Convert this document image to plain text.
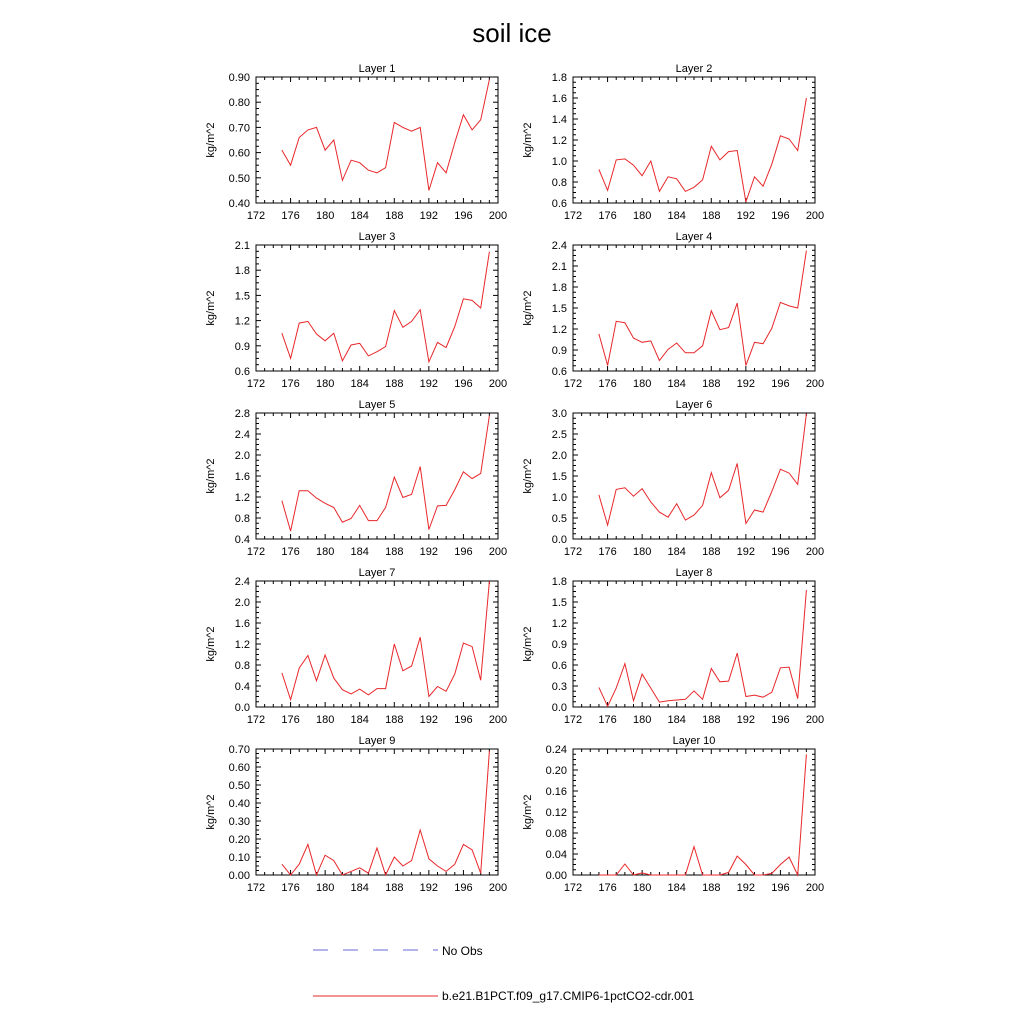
soil ice
Layer 1
kg/m^2
172 176 180 184 188 192 196 200
0.40
0.50
0.60
0.70
0.80
0.90
Layer 2
kg/m^2
172 176 180 184 188 192 196 200
0.6
0.8
1.0
1.2
1.4
1.6
1.8
Layer 3
kg/m^2
172 176 180 184 188 192 196 200
0.6
0.9
1.2
1.5
1.8
2.1
Layer 4
kg/m^2
172 176 180 184 188 192 196 200
0.6
0.9
1.2
1.5
1.8
2.1
2.4
Layer 5
kg/m^2
172 176 180 184 188 192 196 200
0.4
0.8
1.2
1.6
2.0
2.4
2.8
Layer 6
kg/m^2
172 176 180 184 188 192 196 200
0.0
0.5
1.0
1.5
2.0
2.5
3.0
Layer 7
kg/m^2
172 176 180 184 188 192 196 200
0.0
0.4
0.8
1.2
1.6
2.0
2.4
Layer 8
kg/m^2
172 176 180 184 188 192 196 200
0.0
0.3
0.6
0.9
1.2
1.5
1.8
Layer 9
kg/m^2
172 176 180 184 188 192 196 200
0.00
0.10
0.20
0.30
0.40
0.50
0.60
0.70
Layer 10
kg/m^2
172 176 180 184 188 192 196 200
0.00
0.04
0.08
0.12
0.16
0.20
0.24
No Obs
b.e21.B1PCT.f09_g17.CMIP6-1pctCO2-cdr.001
